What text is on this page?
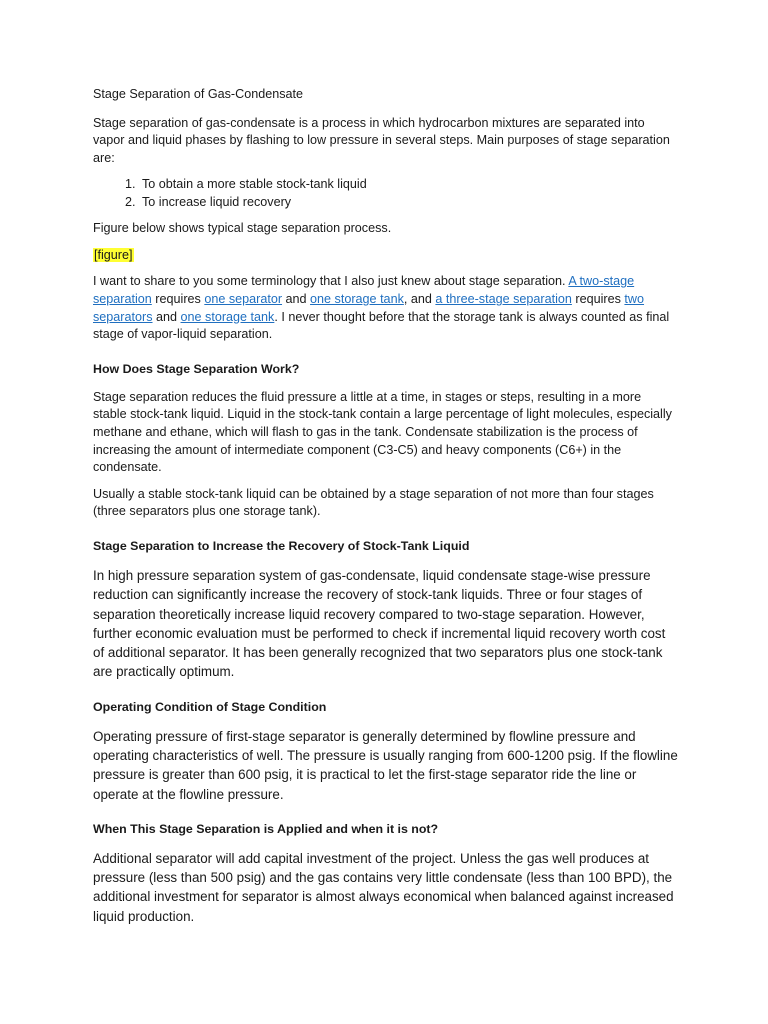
Stage Separation of Gas-Condensate

Stage separation of gas-condensate is a process in which hydrocarbon mixtures are separated into vapor and liquid phases by flashing to low pressure in several steps. Main purposes of stage separation are:

1. To obtain a more stable stock-tank liquid
2. To increase liquid recovery

Figure below shows typical stage separation process.

[figure]

I want to share to you some terminology that I also just knew about stage separation. A two-stage separation requires one separator and one storage tank, and a three-stage separation requires two separators and one storage tank. I never thought before that the storage tank is always counted as final stage of vapor-liquid separation.

How Does Stage Separation Work?

Stage separation reduces the fluid pressure a little at a time, in stages or steps, resulting in a more stable stock-tank liquid. Liquid in the stock-tank contain a large percentage of light molecules, especially methane and ethane, which will flash to gas in the tank. Condensate stabilization is the process of increasing the amount of intermediate component (C3-C5) and heavy components (C6+) in the condensate.

Usually a stable stock-tank liquid can be obtained by a stage separation of not more than four stages (three separators plus one storage tank).

Stage Separation to Increase the Recovery of Stock-Tank Liquid

In high pressure separation system of gas-condensate, liquid condensate stage-wise pressure reduction can significantly increase the recovery of stock-tank liquids. Three or four stages of separation theoretically increase liquid recovery compared to two-stage separation. However, further economic evaluation must be performed to check if incremental liquid recovery worth cost of additional separator. It has been generally recognized that two separators plus one stock-tank are practically optimum.

Operating Condition of Stage Condition

Operating pressure of first-stage separator is generally determined by flowline pressure and operating characteristics of well. The pressure is usually ranging from 600-1200 psig. If the flowline pressure is greater than 600 psig, it is practical to let the first-stage separator ride the line or operate at the flowline pressure.

When This Stage Separation is Applied and when it is not?

Additional separator will add capital investment of the project. Unless the gas well produces at pressure (less than 500 psig) and the gas contains very little condensate (less than 100 BPD), the additional investment for separator is almost always economical when balanced against increased liquid production.
